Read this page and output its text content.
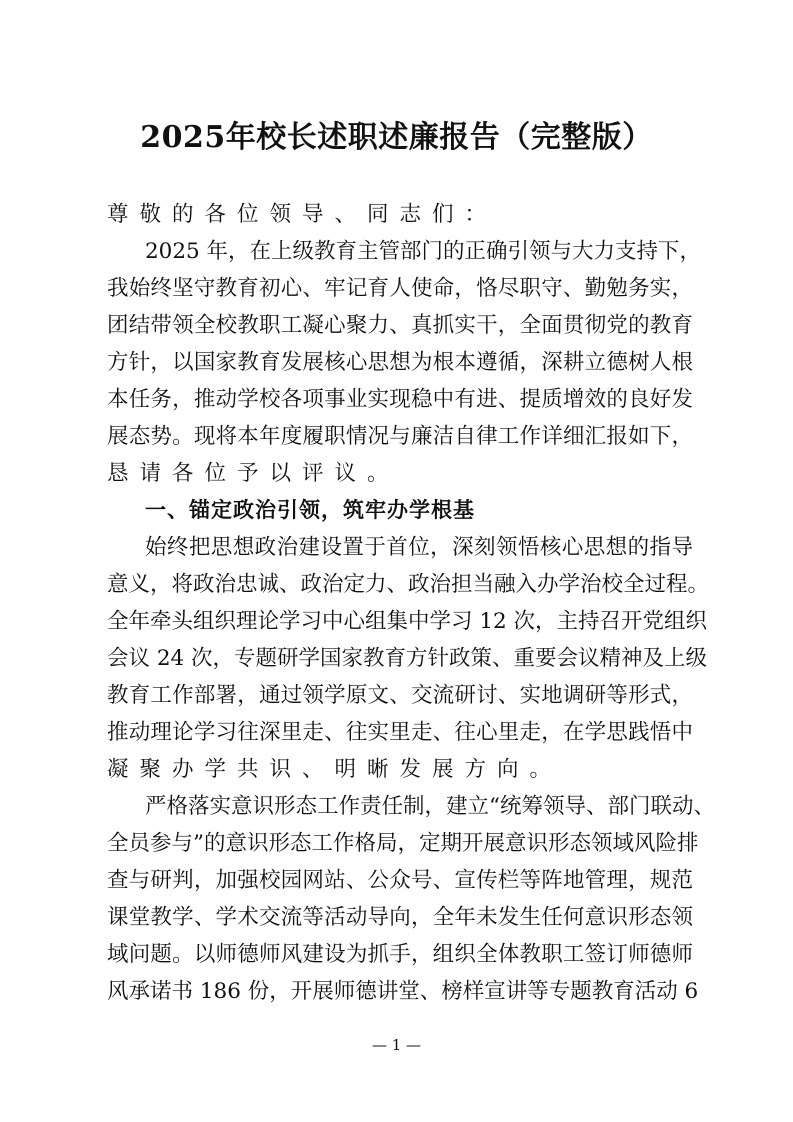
2025年校长述职述廉报告（完整版）
尊敬的各位领导、同志们：
2025 年，在上级教育主管部门的正确引领与大力支持下，
我始终坚守教育初心、牢记育人使命，恪尽职守、勤勉务实，
团结带领全校教职工凝心聚力、真抓实干，全面贯彻党的教育
方针，以国家教育发展核心思想为根本遵循，深耕立德树人根
本任务，推动学校各项事业实现稳中有进、提质增效的良好发
展态势。现将本年度履职情况与廉洁自律工作详细汇报如下，
恳请各位予以评议。
一、锚定政治引领，筑牢办学根基
始终把思想政治建设置于首位，深刻领悟核心思想的指导
意义，将政治忠诚、政治定力、政治担当融入办学治校全过程。
全年牵头组织理论学习中心组集中学习 12 次，主持召开党组织
会议 24 次，专题研学国家教育方针政策、重要会议精神及上级
教育工作部署，通过领学原文、交流研讨、实地调研等形式，
推动理论学习往深里走、往实里走、往心里走，在学思践悟中
凝聚办学共识、明晰发展方向。
严格落实意识形态工作责任制，建立“统筹领导、部门联动、
全员参与”的意识形态工作格局，定期开展意识形态领域风险排
查与研判，加强校园网站、公众号、宣传栏等阵地管理，规范
课堂教学、学术交流等活动导向，全年未发生任何意识形态领
域问题。以师德师风建设为抓手，组织全体教职工签订师德师
风承诺书 186 份，开展师德讲堂、榜样宣讲等专题教育活动 6
— 1 —
